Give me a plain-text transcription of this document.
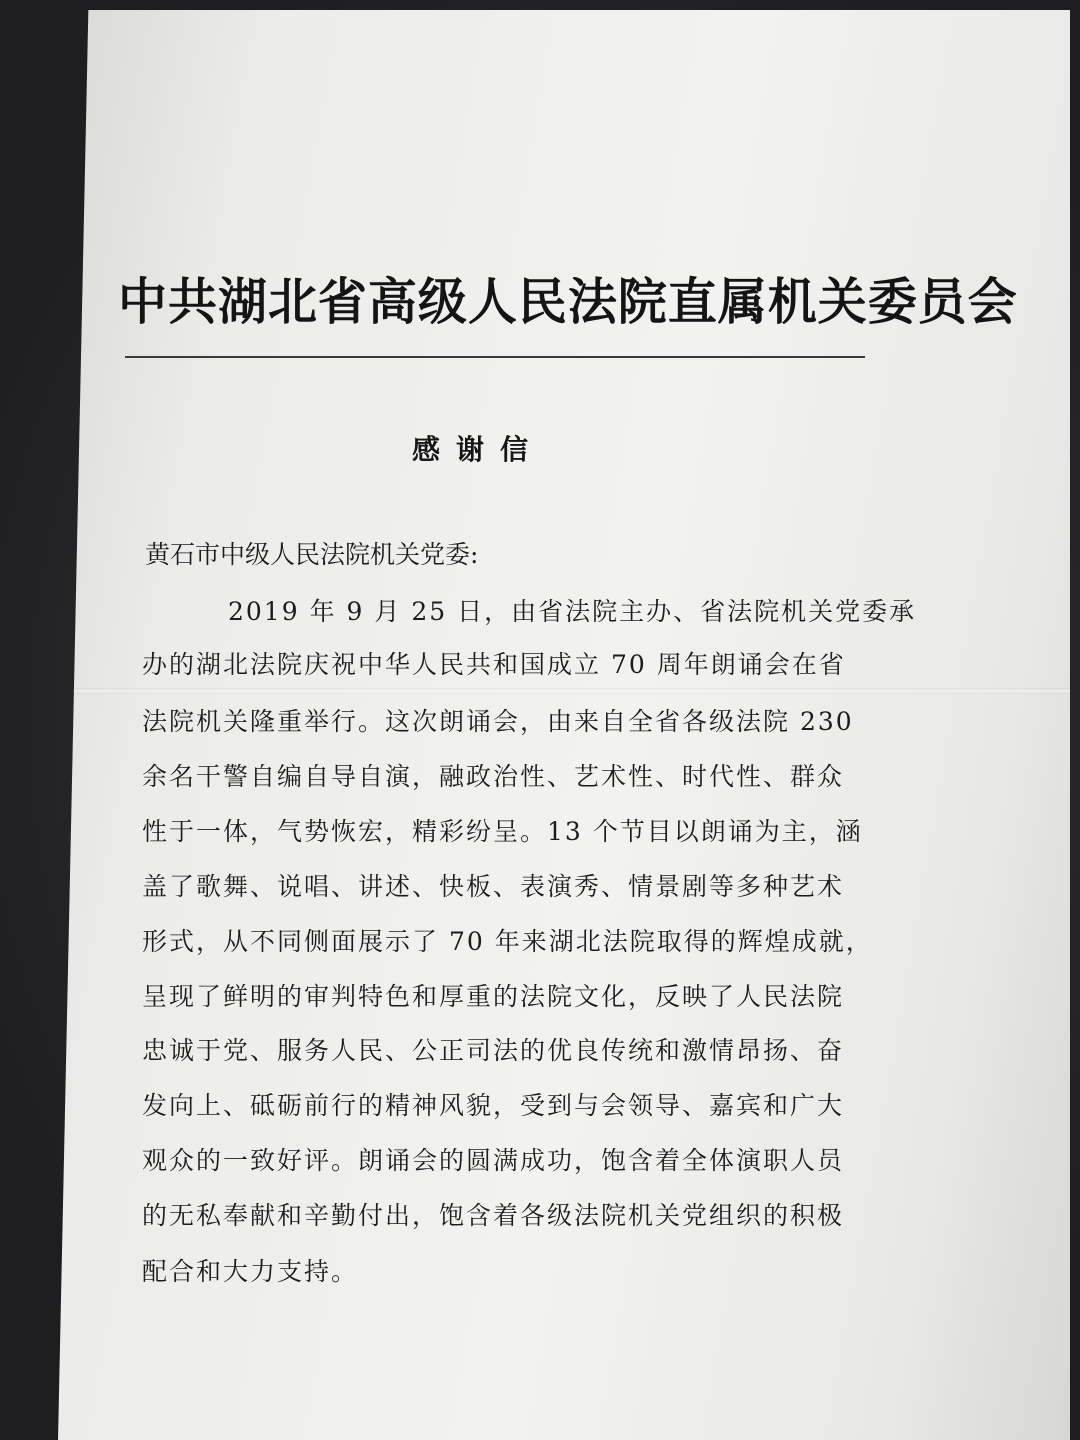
中共湖北省高级人民法院直属机关委员会
感谢信

黄石市中级人民法院机关党委:

2019 年 9 月 25 日，由省法院主办、省法院机关党委承

办的湖北法院庆祝中华人民共和国成立 70 周年朗诵会在省

法院机关隆重举行。这次朗诵会，由来自全省各级法院 230

余名干警自编自导自演，融政治性、艺术性、时代性、群众

性于一体，气势恢宏，精彩纷呈。13 个节目以朗诵为主，涵

盖了歌舞、说唱、讲述、快板、表演秀、情景剧等多种艺术

形式，从不同侧面展示了 70 年来湖北法院取得的辉煌成就，

呈现了鲜明的审判特色和厚重的法院文化，反映了人民法院

忠诚于党、服务人民、公正司法的优良传统和激情昂扬、奋

发向上、砥砺前行的精神风貌，受到与会领导、嘉宾和广大

观众的一致好评。朗诵会的圆满成功，饱含着全体演职人员

的无私奉献和辛勤付出，饱含着各级法院机关党组织的积极

配合和大力支持。
